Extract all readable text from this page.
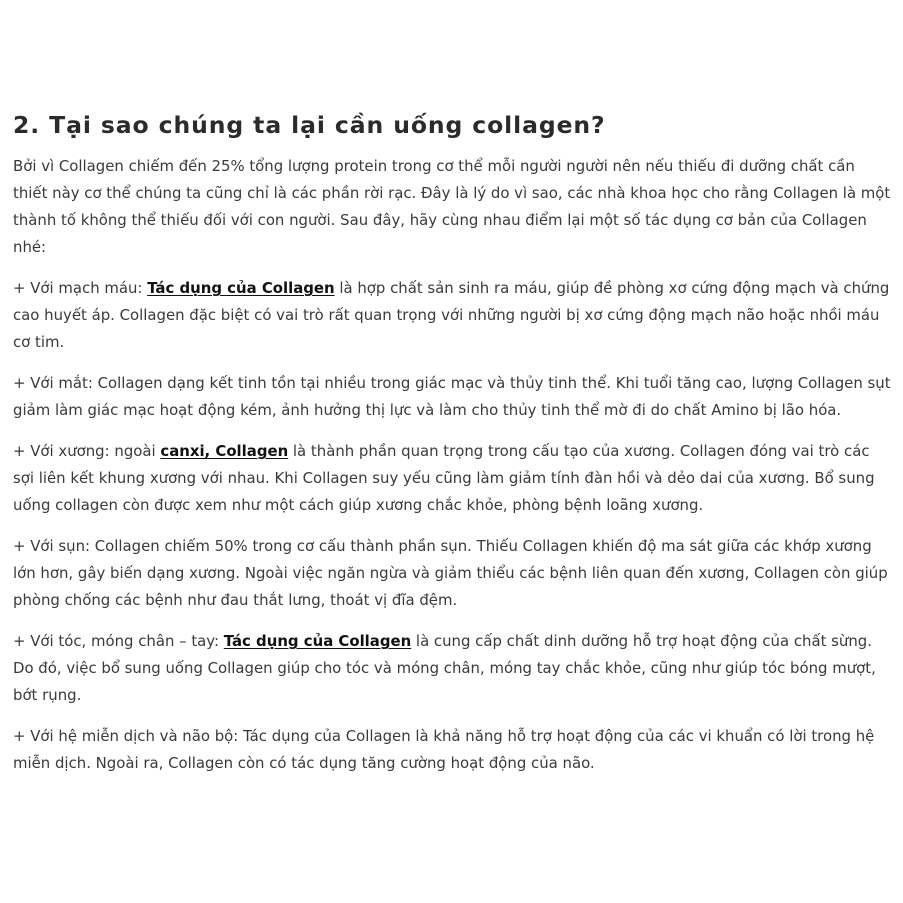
2. Tại sao chúng ta lại cần uống collagen?

Bởi vì Collagen chiếm đến 25% tổng lượng protein trong cơ thể mỗi người người nên nếu thiếu đi dưỡng chất cần thiết này cơ thể chúng ta cũng chỉ là các phần rời rạc. Đây là lý do vì sao, các nhà khoa học cho rằng Collagen là một thành tố không thể thiếu đối với con người. Sau đây, hãy cùng nhau điểm lại một số tác dụng cơ bản của Collagen nhé:

+ Với mạch máu: Tác dụng của Collagen là hợp chất sản sinh ra máu, giúp đề phòng xơ cứng động mạch và chứng cao huyết áp. Collagen đặc biệt có vai trò rất quan trọng với những người bị xơ cứng động mạch não hoặc nhồi máu cơ tim.

+ Với mắt: Collagen dạng kết tinh tồn tại nhiều trong giác mạc và thủy tinh thể. Khi tuổi tăng cao, lượng Collagen sụt giảm làm giác mạc hoạt động kém, ảnh hưởng thị lực và làm cho thủy tinh thể mờ đi do chất Amino bị lão hóa.

+ Với xương: ngoài canxi, Collagen là thành phần quan trọng trong cấu tạo của xương. Collagen đóng vai trò các sợi liên kết khung xương với nhau. Khi Collagen suy yếu cũng làm giảm tính đàn hồi và dẻo dai của xương. Bổ sung uống collagen còn được xem như một cách giúp xương chắc khỏe, phòng bệnh loãng xương.

+ Với sụn: Collagen chiếm 50% trong cơ cấu thành phần sụn. Thiếu Collagen khiến độ ma sát giữa các khớp xương lớn hơn, gây biến dạng xương. Ngoài việc ngăn ngừa và giảm thiểu các bệnh liên quan đến xương, Collagen còn giúp phòng chống các bệnh như đau thắt lưng, thoát vị đĩa đệm.

+ Với tóc, móng chân – tay: Tác dụng của Collagen là cung cấp chất dinh dưỡng hỗ trợ hoạt động của chất sừng. Do đó, việc bổ sung uống Collagen giúp cho tóc và móng chân, móng tay chắc khỏe, cũng như giúp tóc bóng mượt, bớt rụng.

+ Với hệ miễn dịch và não bộ: Tác dụng của Collagen là khả năng hỗ trợ hoạt động của các vi khuẩn có lời trong hệ miễn dịch. Ngoài ra, Collagen còn có tác dụng tăng cường hoạt động của não.
